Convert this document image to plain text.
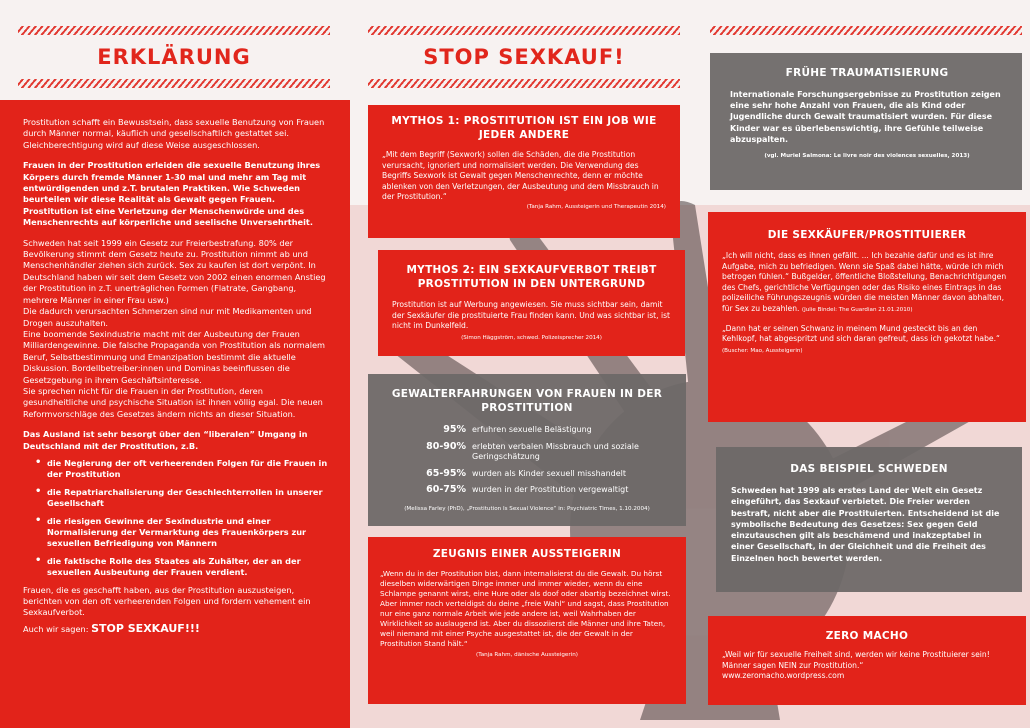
ERKLÄRUNG

Prostitution schafft ein Bewusstsein, dass sexuelle Benutzung von Frauen durch Männer normal, käuflich und gesellschaftlich gestattet sei. Gleichberechtigung wird auf diese Weise ausgeschlossen.

Frauen in der Prostitution erleiden die sexuelle Benutzung ihres Körpers durch fremde Männer 1-30 mal und mehr am Tag mit entwürdigenden und z.T. brutalen Praktiken. Wie Schweden beurteilen wir diese Realität als Gewalt gegen Frauen. Prostitution ist eine Verletzung der Menschenwürde und des Menschenrechts auf körperliche und seelische Unversehrtheit.

Schweden hat seit 1999 ein Gesetz zur Freierbestrafung. 80% der Bevölkerung stimmt dem Gesetz heute zu. Prostitution nimmt ab und Menschenhändler ziehen sich zurück. Sex zu kaufen ist dort verpönt. In Deutschland haben wir seit dem Gesetz von 2002 einen enormen Anstieg der Prostitution in z.T. unerträglichen Formen (Flatrate, Gangbang, mehrere Männer in einer Frau usw.)

Die dadurch verursachten Schmerzen sind nur mit Medikamenten und Drogen auszuhalten.

Eine boomende Sexindustrie macht mit der Ausbeutung der Frauen Milliardengewinne. Die falsche Propaganda von Prostitution als normalem Beruf, Selbstbestimmung und Emanzipation bestimmt die aktuelle Diskussion. Bordellbetreiber:innen und Dominas beeinflussen die Gesetzgebung in ihrem Geschäftsinteresse.

Sie sprechen nicht für die Frauen in der Prostitution, deren gesundheitliche und psychische Situation ist ihnen völlig egal. Die neuen Reformvorschläge des Gesetzes ändern nichts an dieser Situation.

Das Ausland ist sehr besorgt über den “liberalen” Umgang in Deutschland mit der Prostitution, z.B.

• die Negierung der oft verheerenden Folgen für die Frauen in der Prostitution
• die Repatriarchalisierung der Geschlechterrollen in unserer Gesellschaft
• die riesigen Gewinne der Sexindustrie und einer Normalisierung der Vermarktung des Frauenkörpers zur sexuellen Befriedigung von Männern
• die faktische Rolle des Staates als Zuhälter, der an der sexuellen Ausbeutung der Frauen verdient.

Frauen, die es geschafft haben, aus der Prostitution auszusteigen, berichten von den oft verheerenden Folgen und fordern vehement ein Sexkaufverbot.

Auch wir sagen: STOP SEXKAUF!!!

STOP SEXKAUF!
MYTHOS 1: PROSTITUTION IST EIN JOB WIE JEDER ANDERE

„Mit dem Begriff (Sexwork) sollen die Schäden, die die Prostitution verursacht, ignoriert und normalisiert werden. Die Verwendung des Begriffs Sexwork ist Gewalt gegen Menschenrechte, denn er möchte ablenken von den Verletzungen, der Ausbeutung und dem Missbrauch in der Prostitution.“

(Tanja Rahm, Aussteigerin und Therapeutin 2014)

MYTHOS 2: EIN SEXKAUFVERBOT TREIBT PROSTITUTION IN DEN UNTERGRUND

Prostitution ist auf Werbung angewiesen. Sie muss sichtbar sein, damit der Sexkäufer die prostituierte Frau finden kann. Und was sichtbar ist, ist nicht im Dunkelfeld.

(Simon Häggström, schwed. Polizeisprecher 2014)

GEWALTERFAHRUNGEN VON FRAUEN IN DER PROSTITUTION
95% erfuhren sexuelle Belästigung
80-90% erlebten verbalen Missbrauch und soziale Geringschätzung
65-95% wurden als Kinder sexuell misshandelt
60-75% wurden in der Prostitution vergewaltigt

(Melissa Farley (PhD), „Prostitution Is Sexual Violence“ in: Psychiatric Times, 1.10.2004)

ZEUGNIS EINER AUSSTEIGERIN

„Wenn du in der Prostitution bist, dann internalisierst du die Gewalt. Du hörst dieselben widerwärtigen Dinge immer und immer wieder, wenn du eine Schlampe genannt wirst, eine Hure oder als doof oder abartig bezeichnet wirst.

Aber immer noch verteidigst du deine „freie Wahl“ und sagst, dass Prostitution nur eine ganz normale Arbeit wie jede andere ist, weil Wahrhaben der Wirklichkeit so auslaugend ist. Aber du dissoziierst die Männer und ihre Taten, weil niemand mit einer Psyche ausgestattet ist, die der Gewalt in der Prostitution Stand hält.“

(Tanja Rahm, dänische Aussteigerin)

FRÜHE TRAUMATISIERUNG

Internationale Forschungsergebnisse zu Prostitution zeigen eine sehr hohe Anzahl von Frauen, die als Kind oder Jugendliche durch Gewalt traumatisiert wurden. Für diese Kinder war es überlebenswichtig, ihre Gefühle teilweise abzuspalten.

(vgl. Muriel Salmona: Le livre noir des violences sexuelles, 2013)

DIE SEXKÄUFER/PROSTITUIERER

„Ich will nicht, dass es ihnen gefällt. ... Ich bezahle dafür und es ist ihre Aufgabe, mich zu befriedigen. Wenn sie Spaß dabei hätte, würde ich mich betrogen fühlen.“ Bußgelder, öffentliche Bloßstellung, Benachrichtigungen des Chefs, gerichtliche Verfügungen oder das Risiko eines Eintrags in das polizeiliche Führungszeugnis würden die meisten Männer davon abhalten, für Sex zu bezahlen. (Julie Bindel: The Guardian 21.01.2010)

„Dann hat er seinen Schwanz in meinem Mund gesteckt bis an den Kehlkopf, hat abgespritzt und sich daran gefreut, dass ich gekotzt habe.“ (Buscher: Mao, Aussteigerin)

DAS BEISPIEL SCHWEDEN

Schweden hat 1999 als erstes Land der Welt ein Gesetz eingeführt, das Sexkauf verbietet. Die Freier werden bestraft, nicht aber die Prostituierten. Entscheidend ist die symbolische Bedeutung des Gesetzes: Sex gegen Geld einzutauschen gilt als beschämend und inakzeptabel in einer Gesellschaft, in der Gleichheit und die Freiheit des Einzelnen hoch bewertet werden.

ZERO MACHO

„Weil wir für sexuelle Freiheit sind, werden wir keine Prostituierer sein! Männer sagen NEIN zur Prostitution.“

www.zeromacho.wordpress.com
